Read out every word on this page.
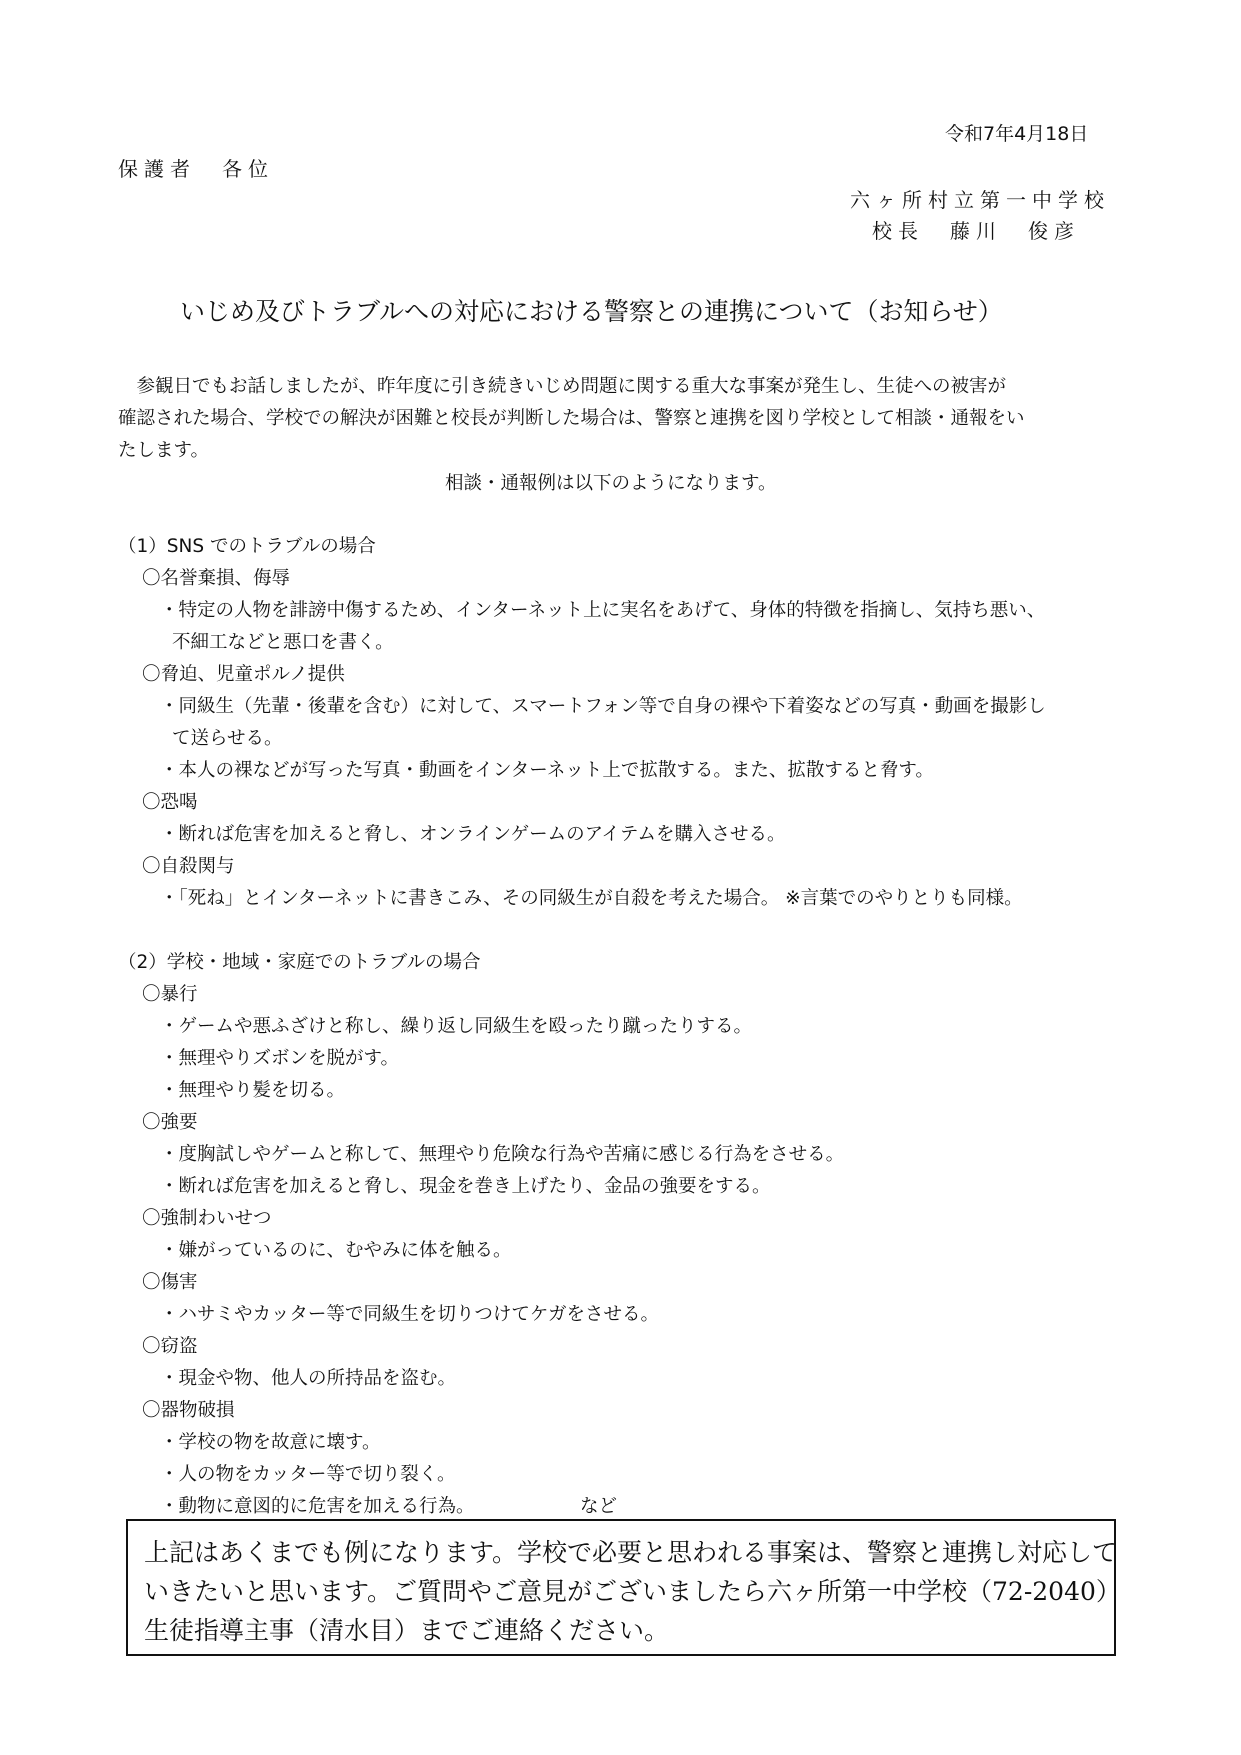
令和7年4月18日
保護者　各位
六ヶ所村立第一中学校
校長　藤川　俊彦
いじめ及びトラブルへの対応における警察との連携について（お知らせ）
　参観日でもお話しましたが、昨年度に引き続きいじめ問題に関する重大な事案が発生し、生徒への被害が
確認された場合、学校での解決が困難と校長が判断した場合は、警察と連携を図り学校として相談・通報をい
たします。
相談・通報例は以下のようになります。
（1）SNS でのトラブルの場合
〇名誉棄損、侮辱
・特定の人物を誹謗中傷するため、インターネット上に実名をあげて、身体的特徴を指摘し、気持ち悪い、
不細工などと悪口を書く。
〇脅迫、児童ポルノ提供
・同級生（先輩・後輩を含む）に対して、スマートフォン等で自身の裸や下着姿などの写真・動画を撮影し
て送らせる。
・本人の裸などが写った写真・動画をインターネット上で拡散する。また、拡散すると脅す。
〇恐喝
・断れば危害を加えると脅し、オンラインゲームのアイテムを購入させる。
〇自殺関与
・「死ね」とインターネットに書きこみ、その同級生が自殺を考えた場合。 ※言葉でのやりとりも同様。
（2）学校・地域・家庭でのトラブルの場合
〇暴行
・ゲームや悪ふざけと称し、繰り返し同級生を殴ったり蹴ったりする。
・無理やりズボンを脱がす。
・無理やり髪を切る。
〇強要
・度胸試しやゲームと称して、無理やり危険な行為や苦痛に感じる行為をさせる。
・断れば危害を加えると脅し、現金を巻き上げたり、金品の強要をする。
〇強制わいせつ
・嫌がっているのに、むやみに体を触る。
〇傷害
・ハサミやカッター等で同級生を切りつけてケガをさせる。
〇窃盗
・現金や物、他人の所持品を盗む。
〇器物破損
・学校の物を故意に壊す。
・人の物をカッター等で切り裂く。
・動物に意図的に危害を加える行為。	など
上記はあくまでも例になります。学校で必要と思われる事案は、警察と連携し対応して
いきたいと思います。ご質問やご意見がございましたら六ヶ所第一中学校（72-2040）
生徒指導主事（清水目）までご連絡ください。
